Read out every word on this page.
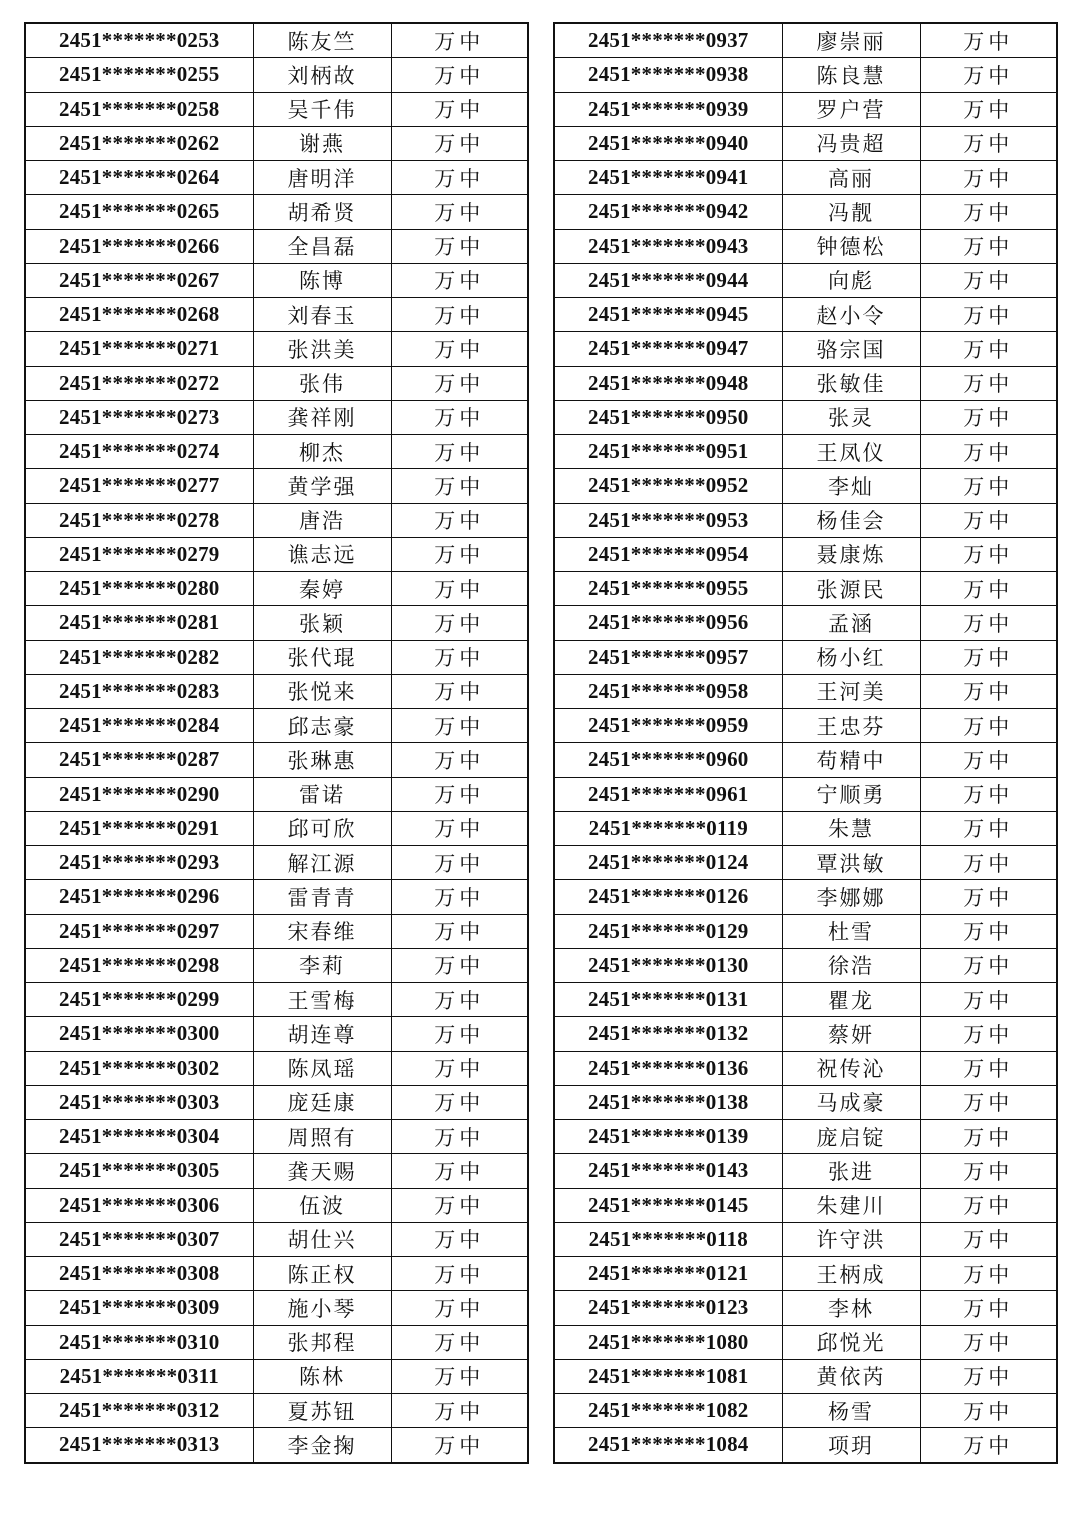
2451*******0253	陈友竺	万中
2451*******0255	刘柄故	万中
2451*******0258	吴千伟	万中
2451*******0262	谢燕	万中
2451*******0264	唐明洋	万中
2451*******0265	胡希贤	万中
2451*******0266	全昌磊	万中
2451*******0267	陈博	万中
2451*******0268	刘春玉	万中
2451*******0271	张洪美	万中
2451*******0272	张伟	万中
2451*******0273	龚祥刚	万中
2451*******0274	柳杰	万中
2451*******0277	黄学强	万中
2451*******0278	唐浩	万中
2451*******0279	谯志远	万中
2451*******0280	秦婷	万中
2451*******0281	张颖	万中
2451*******0282	张代琨	万中
2451*******0283	张悦来	万中
2451*******0284	邱志豪	万中
2451*******0287	张琳惠	万中
2451*******0290	雷诺	万中
2451*******0291	邱可欣	万中
2451*******0293	解江源	万中
2451*******0296	雷青青	万中
2451*******0297	宋春维	万中
2451*******0298	李莉	万中
2451*******0299	王雪梅	万中
2451*******0300	胡连尊	万中
2451*******0302	陈凤瑶	万中
2451*******0303	庞廷康	万中
2451*******0304	周照有	万中
2451*******0305	龚天赐	万中
2451*******0306	伍波	万中
2451*******0307	胡仕兴	万中
2451*******0308	陈正权	万中
2451*******0309	施小琴	万中
2451*******0310	张邦程	万中
2451*******0311	陈林	万中
2451*******0312	夏苏钮	万中
2451*******0313	李金掬	万中
2451*******0937	廖崇丽	万中
2451*******0938	陈良慧	万中
2451*******0939	罗户营	万中
2451*******0940	冯贵超	万中
2451*******0941	高丽	万中
2451*******0942	冯靓	万中
2451*******0943	钟德松	万中
2451*******0944	向彪	万中
2451*******0945	赵小令	万中
2451*******0947	骆宗国	万中
2451*******0948	张敏佳	万中
2451*******0950	张灵	万中
2451*******0951	王凤仪	万中
2451*******0952	李灿	万中
2451*******0953	杨佳会	万中
2451*******0954	聂康炼	万中
2451*******0955	张源民	万中
2451*******0956	孟涵	万中
2451*******0957	杨小红	万中
2451*******0958	王河美	万中
2451*******0959	王忠芬	万中
2451*******0960	苟精中	万中
2451*******0961	宁顺勇	万中
2451*******0119	朱慧	万中
2451*******0124	覃洪敏	万中
2451*******0126	李娜娜	万中
2451*******0129	杜雪	万中
2451*******0130	徐浩	万中
2451*******0131	瞿龙	万中
2451*******0132	蔡妍	万中
2451*******0136	祝传沁	万中
2451*******0138	马成豪	万中
2451*******0139	庞启锭	万中
2451*******0143	张进	万中
2451*******0145	朱建川	万中
2451*******0118	许守洪	万中
2451*******0121	王柄成	万中
2451*******0123	李林	万中
2451*******1080	邱悦光	万中
2451*******1081	黄依芮	万中
2451*******1082	杨雪	万中
2451*******1084	项玥	万中
